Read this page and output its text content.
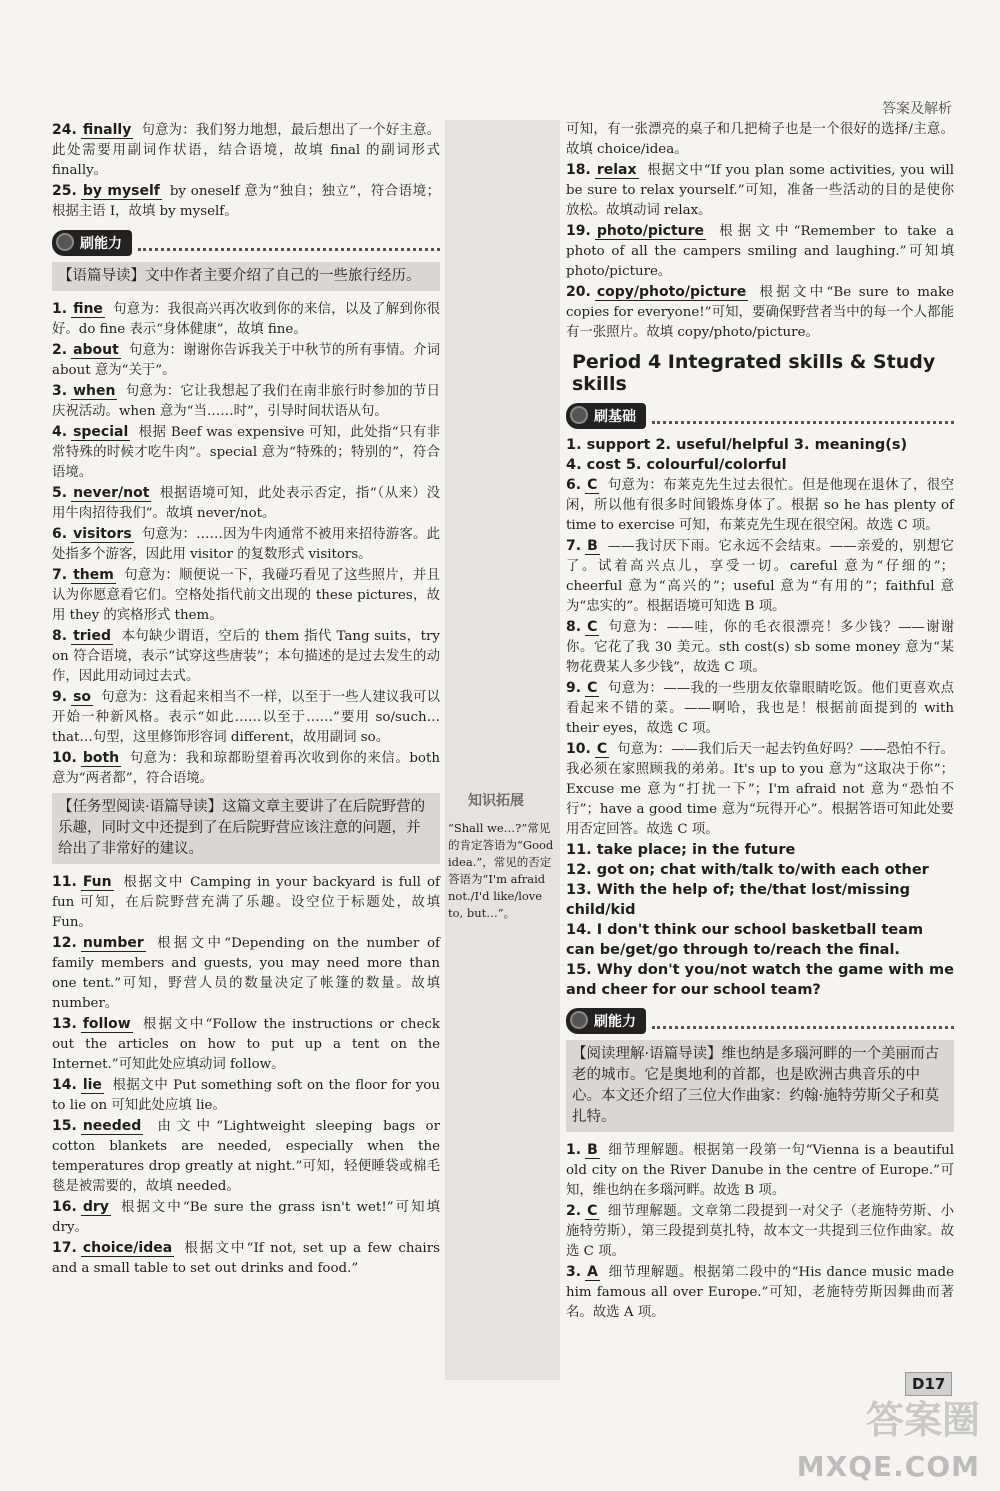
答案及解析
24. finally 句意为：我们努力地想，最后想出了一个好主意。此处需要用副词作状语，结合语境，故填 final 的副词形式 finally。
25. by myself by oneself 意为“独自；独立”，符合语境；根据主语 I，故填 by myself。
刷能力
【语篇导读】文中作者主要介绍了自己的一些旅行经历。
1. fine 句意为：我很高兴再次收到你的来信，以及了解到你很好。do fine 表示“身体健康”，故填 fine。
2. about 句意为：谢谢你告诉我关于中秋节的所有事情。介词 about 意为“关于”。
3. when 句意为：它让我想起了我们在南非旅行时参加的节日庆祝活动。when 意为“当……时”，引导时间状语从句。
4. special 根据 Beef was expensive 可知，此处指“只有非常特殊的时候才吃牛肉”。special 意为“特殊的；特别的”，符合语境。
5. never/not 根据语境可知，此处表示否定，指“（从来）没用牛肉招待我们”。故填 never/not。
6. visitors 句意为：……因为牛肉通常不被用来招待游客。此处指多个游客，因此用 visitor 的复数形式 visitors。
7. them 句意为：顺便说一下，我碰巧看见了这些照片，并且认为你愿意看它们。空格处指代前文出现的 these pictures，故用 they 的宾格形式 them。
8. tried 本句缺少谓语，空后的 them 指代 Tang suits，try on 符合语境，表示“试穿这些唐装”；本句描述的是过去发生的动作，因此用动词过去式。
9. so 句意为：这看起来相当不一样，以至于一些人建议我可以开始一种新风格。表示“如此……以至于……”要用 so/such… that…句型，这里修饰形容词 different，故用副词 so。
10. both 句意为：我和琼都盼望着再次收到你的来信。both 意为“两者都”，符合语境。
【任务型阅读·语篇导读】这篇文章主要讲了在后院野营的乐趣，同时文中还提到了在后院野营应该注意的问题，并给出了非常好的建议。
11. Fun 根据文中 Camping in your backyard is full of fun 可知，在后院野营充满了乐趣。设空位于标题处，故填 Fun。
12. number 根据文中“Depending on the number of family members and guests, you may need more than one tent.”可知，野营人员的数量决定了帐篷的数量。故填 number。
13. follow 根据文中“Follow the instructions or check out the articles on how to put up a tent on the Internet.”可知此处应填动词 follow。
14. lie 根据文中 Put something soft on the floor for you to lie on 可知此处应填 lie。
15. needed 由文中“Lightweight sleeping bags or cotton blankets are needed, especially when the temperatures drop greatly at night.”可知，轻便睡袋或棉毛毯是被需要的，故填 needed。
16. dry 根据文中“Be sure the grass isn't wet!”可知填 dry。
17. choice/idea 根据文中“If not, set up a few chairs and a small table to set out drinks and food.”
知识拓展
“Shall we…?”常见的肯定答语为“Good idea.”，常见的否定答语为“I'm afraid not./I'd like/love to, but…”。
可知，有一张漂亮的桌子和几把椅子也是一个很好的选择/主意。故填 choice/idea。
18. relax 根据文中“If you plan some activities, you will be sure to relax yourself.”可知，准备一些活动的目的是使你放松。故填动词 relax。
19. photo/picture 根据文中“Remember to take a photo of all the campers smiling and laughing.”可知填 photo/picture。
20. copy/photo/picture 根据文中“Be sure to make copies for everyone!”可知，要确保野营者当中的每一个人都能有一张照片。故填 copy/photo/picture。
Period 4 Integrated skills & Study skills
刷基础
1. support 2. useful/helpful 3. meaning(s)
4. cost 5. colourful/colorful
6. C 句意为：布莱克先生过去很忙。但是他现在退休了，很空闲，所以他有很多时间锻炼身体了。根据 so he has plenty of time to exercise 可知，布莱克先生现在很空闲。故选 C 项。
7. B ——我讨厌下雨。它永远不会结束。——亲爱的，别想它了。试着高兴点儿，享受一切。careful 意为“仔细的”；cheerful 意为“高兴的”；useful 意为“有用的”；faithful 意为“忠实的”。根据语境可知选 B 项。
8. C 句意为：——哇，你的毛衣很漂亮！多少钱？——谢谢你。它花了我 30 美元。sth cost(s) sb some money 意为“某物花费某人多少钱”，故选 C 项。
9. C 句意为：——我的一些朋友依靠眼睛吃饭。他们更喜欢点看起来不错的菜。——啊哈，我也是！根据前面提到的 with their eyes，故选 C 项。
10. C 句意为：——我们后天一起去钓鱼好吗？——恐怕不行。我必须在家照顾我的弟弟。It's up to you 意为“这取决于你”；Excuse me 意为“打扰一下”；I'm afraid not 意为“恐怕不行”；have a good time 意为“玩得开心”。根据答语可知此处要用否定回答。故选 C 项。
11. take place; in the future
12. got on; chat with/talk to/with each other
13. With the help of; the/that lost/missing child/kid
14. I don't think our school basketball team can be/get/go through to/reach the final.
15. Why don't you/not watch the game with me and cheer for our school team?
刷能力
【阅读理解·语篇导读】维也纳是多瑙河畔的一个美丽而古老的城市。它是奥地利的首都，也是欧洲古典音乐的中心。本文还介绍了三位大作曲家：约翰·施特劳斯父子和莫扎特。
1. B 细节理解题。根据第一段第一句“Vienna is a beautiful old city on the River Danube in the centre of Europe.”可知，维也纳在多瑙河畔。故选 B 项。
2. C 细节理解题。文章第二段提到一对父子（老施特劳斯、小施特劳斯），第三段提到莫扎特，故本文一共提到三位作曲家。故选 C 项。
3. A 细节理解题。根据第二段中的“His dance music made him famous all over Europe.”可知，老施特劳斯因舞曲而著名。故选 A 项。
D17
答案圈
MXQE.COM
